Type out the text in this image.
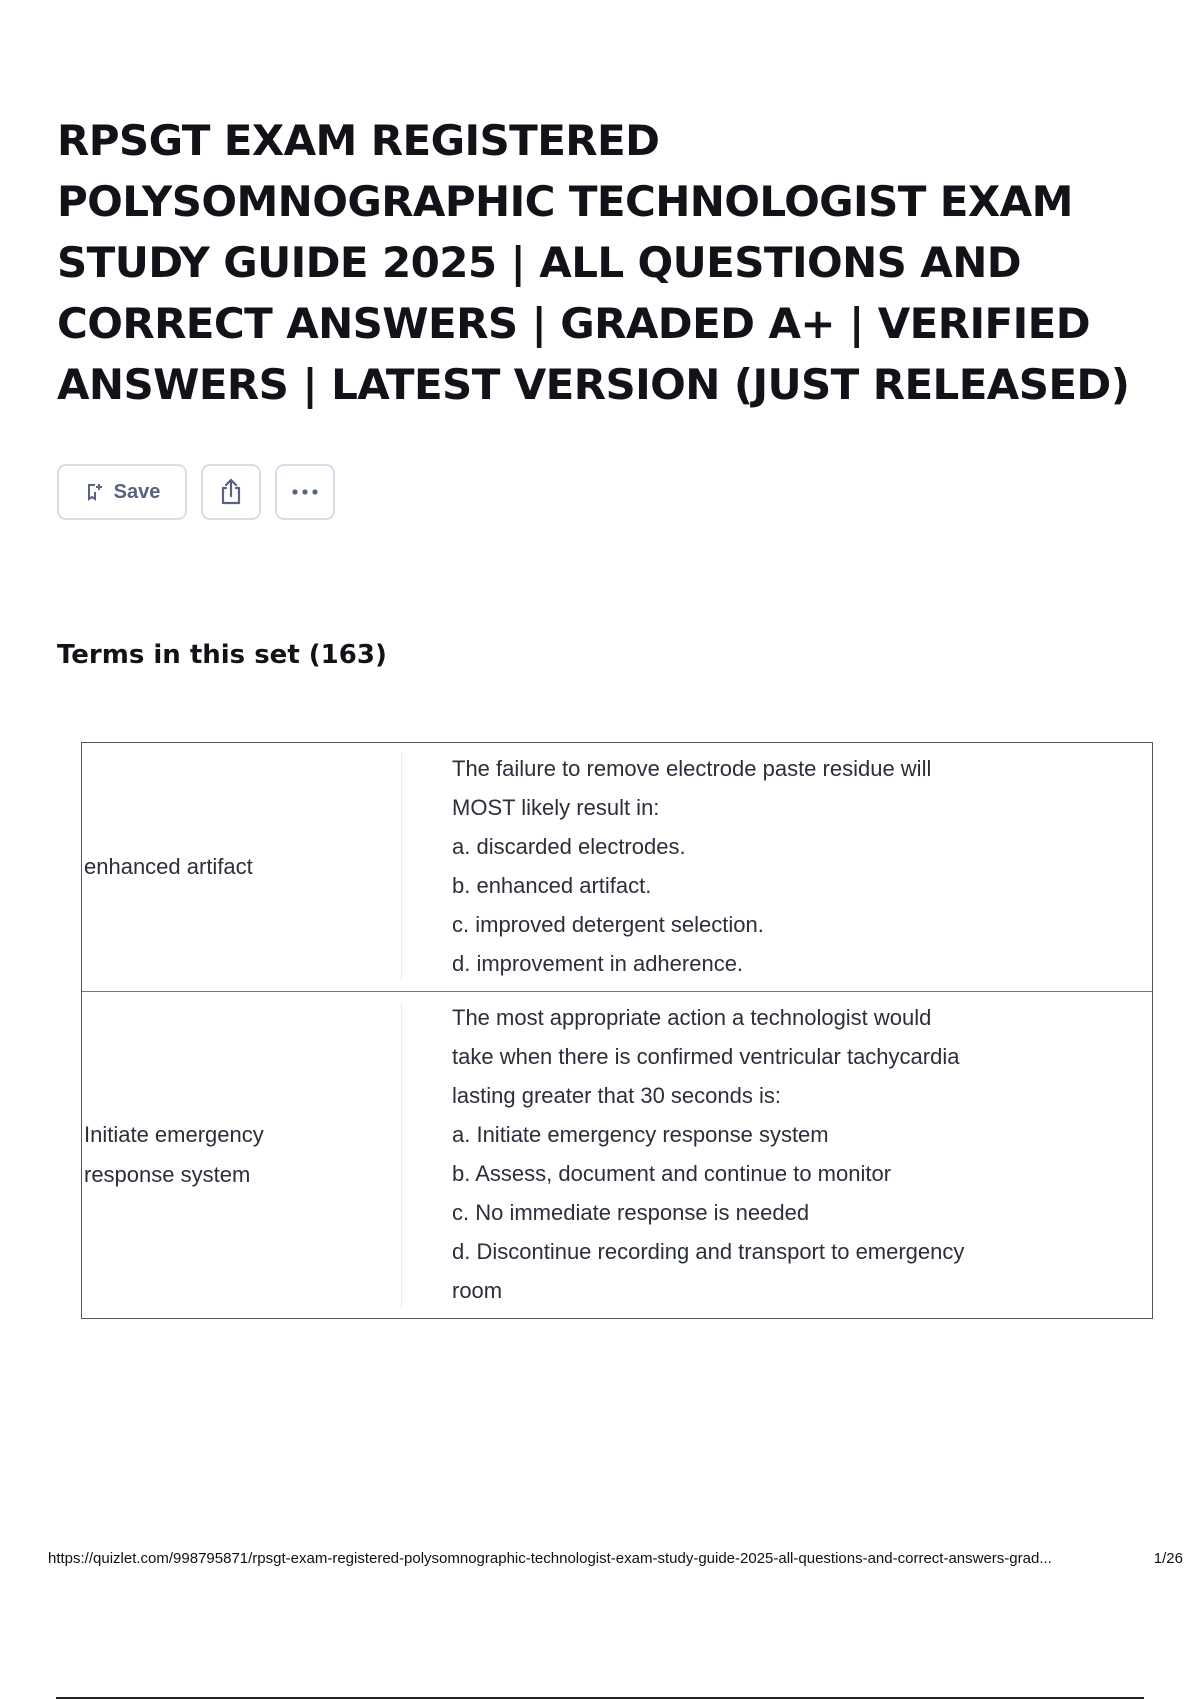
RPSGT EXAM REGISTERED POLYSOMNOGRAPHIC TECHNOLOGIST EXAM STUDY GUIDE 2025 | ALL QUESTIONS AND CORRECT ANSWERS | GRADED A+ | VERIFIED ANSWERS | LATEST VERSION (JUST RELEASED)
Save
Terms in this set (163)
enhanced artifact
The failure to remove electrode paste residue will
MOST likely result in:
a. discarded electrodes.
b. enhanced artifact.
c. improved detergent selection.
d. improvement in adherence.
Initiate emergency
response system
The most appropriate action a technologist would
take when there is confirmed ventricular tachycardia
lasting greater that 30 seconds is:
a. Initiate emergency response system
b. Assess, document and continue to monitor
c. No immediate response is needed
d. Discontinue recording and transport to emergency
room
https://quizlet.com/998795871/rpsgt-exam-registered-polysomnographic-technologist-exam-study-guide-2025-all-questions-and-correct-answers-grad...	1/26
